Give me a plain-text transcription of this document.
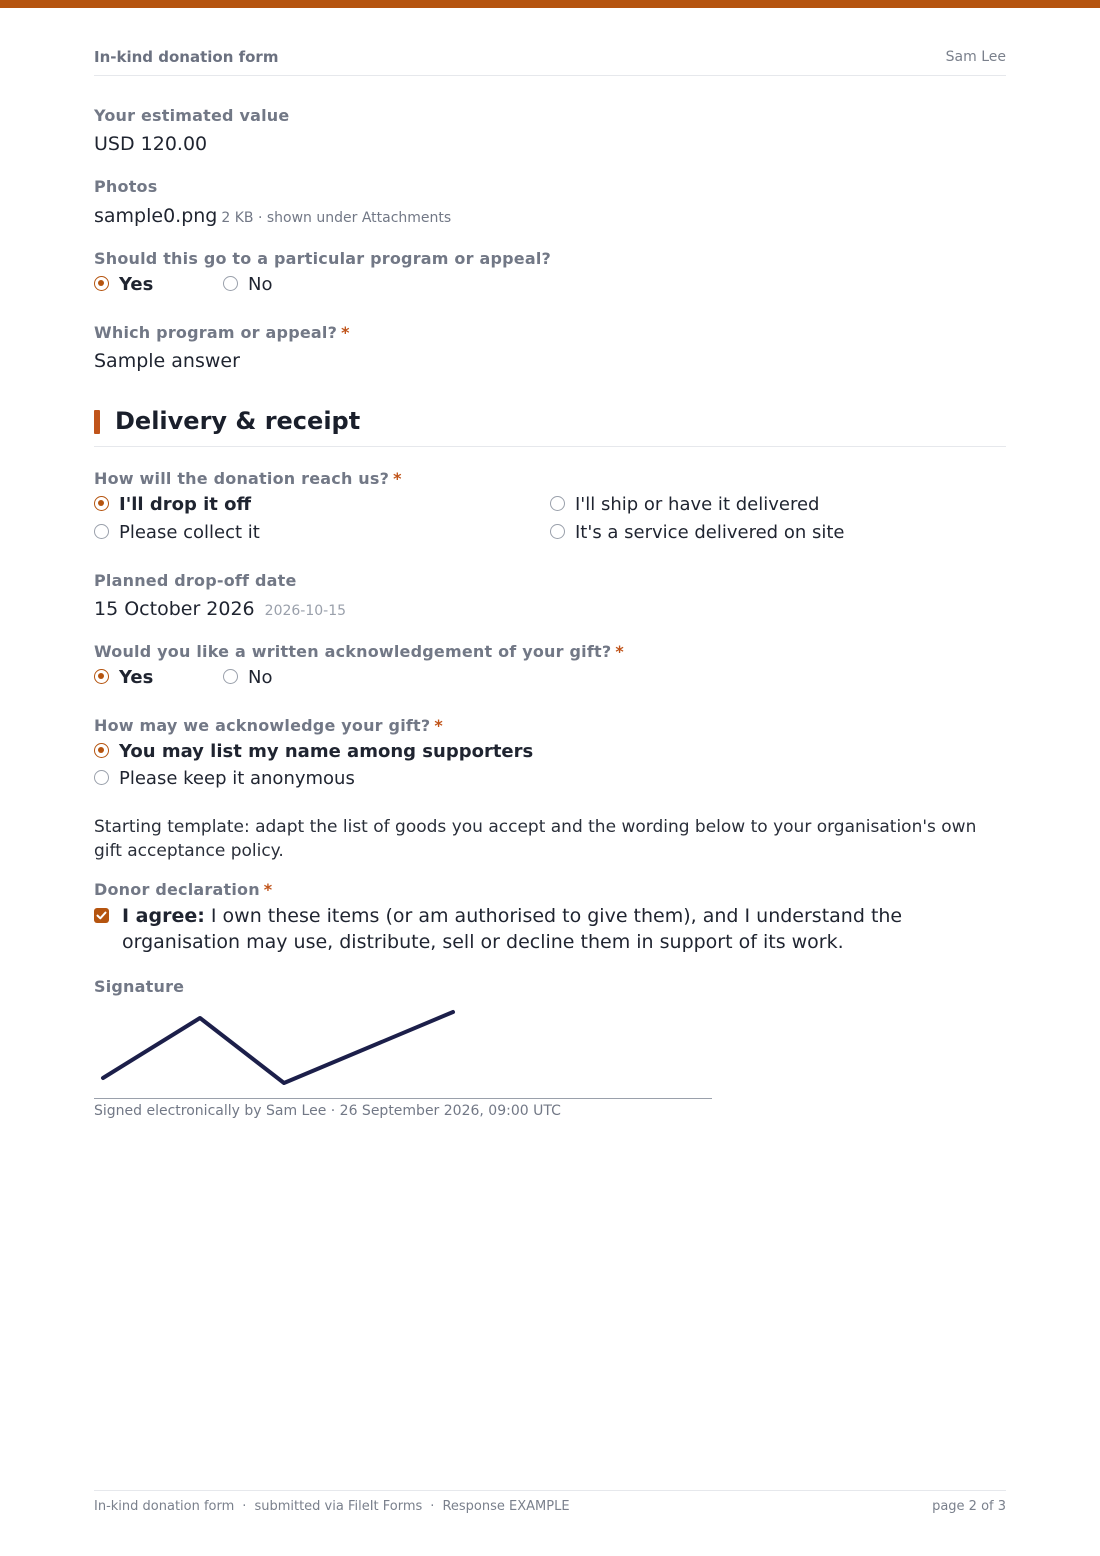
In-kind donation form	Sam Lee
Your estimated value
USD 120.00
Photos
sample0.png 2 KB · shown under Attachments
Should this go to a particular program or appeal?
Yes	No
Which program or appeal? *
Sample answer
Delivery & receipt
How will the donation reach us? *
I'll drop it off	I'll ship or have it delivered
Please collect it	It's a service delivered on site
Planned drop-off date
15 October 2026 2026-10-15
Would you like a written acknowledgement of your gift? *
Yes	No
How may we acknowledge your gift? *
You may list my name among supporters
Please keep it anonymous
Starting template: adapt the list of goods you accept and the wording below to your organisation's own gift acceptance policy.
Donor declaration *
I agree: I own these items (or am authorised to give them), and I understand the organisation may use, distribute, sell or decline them in support of its work.
Signature
Signed electronically by Sam Lee · 26 September 2026, 09:00 UTC
In-kind donation form · submitted via FileIt Forms · Response EXAMPLE	page 2 of 3
